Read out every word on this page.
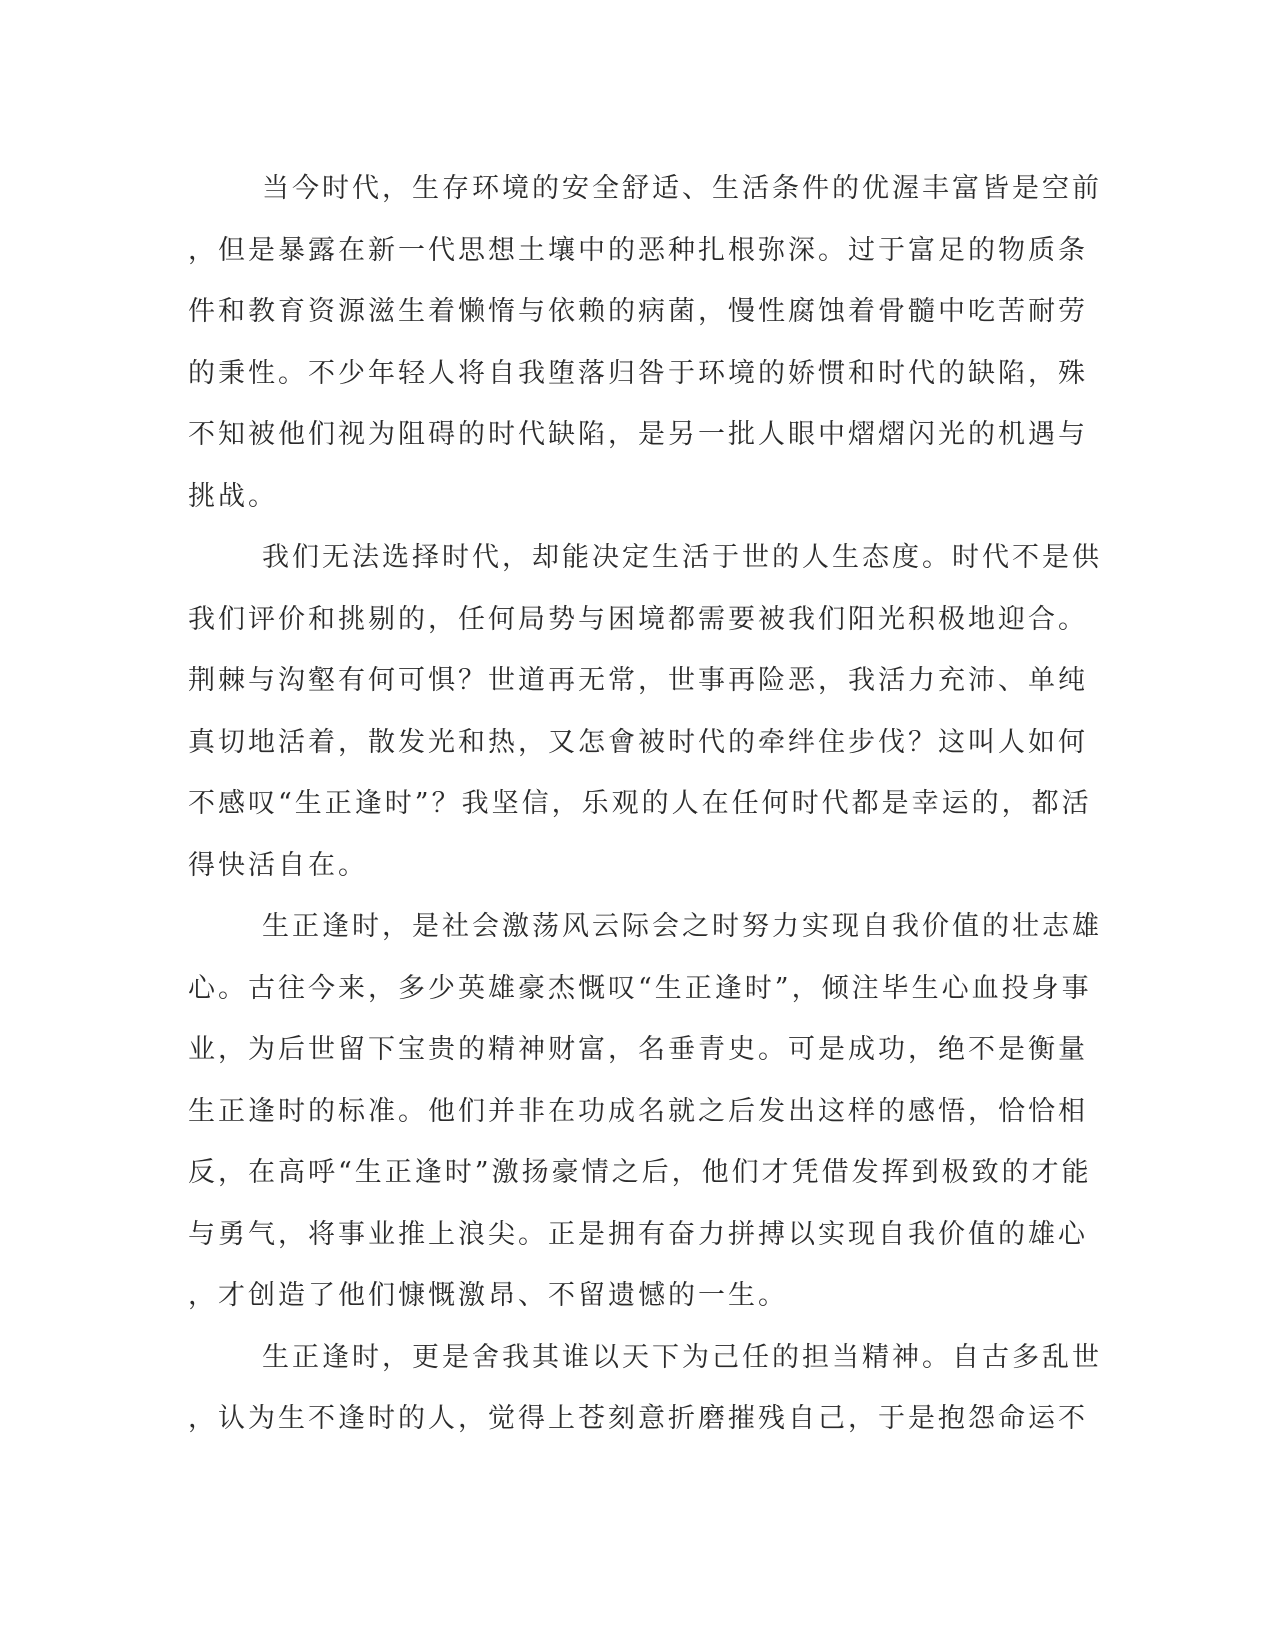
当今时代，生存环境的安全舒适、生活条件的优渥丰富皆是空前
，但是暴露在新一代思想土壤中的恶种扎根弥深。过于富足的物质条
件和教育资源滋生着懒惰与依赖的病菌，慢性腐蚀着骨髓中吃苦耐劳
的秉性。不少年轻人将自我堕落归咎于环境的娇惯和时代的缺陷，殊
不知被他们视为阻碍的时代缺陷，是另一批人眼中熠熠闪光的机遇与
挑战。
我们无法选择时代，却能决定生活于世的人生态度。时代不是供
我们评价和挑剔的，任何局势与困境都需要被我们阳光积极地迎合。
荆棘与沟壑有何可惧？世道再无常，世事再险恶，我活力充沛、单纯
真切地活着，散发光和热，又怎會被时代的牵绊住步伐？这叫人如何
不感叹“生正逢时”？我坚信，乐观的人在任何时代都是幸运的，都活
得快活自在。
生正逢时，是社会激荡风云际会之时努力实现自我价值的壮志雄
心。古往今来，多少英雄豪杰慨叹“生正逢时”，倾注毕生心血投身事
业，为后世留下宝贵的精神财富，名垂青史。可是成功，绝不是衡量
生正逢时的标准。他们并非在功成名就之后发出这样的感悟，恰恰相
反，在高呼“生正逢时”激扬豪情之后，他们才凭借发挥到极致的才能
与勇气，将事业推上浪尖。正是拥有奋力拼搏以实现自我价值的雄心
，才创造了他们慷慨激昂、不留遗憾的一生。
生正逢时，更是舍我其谁以天下为己任的担当精神。自古多乱世
，认为生不逢时的人，觉得上苍刻意折磨摧残自己，于是抱怨命运不
